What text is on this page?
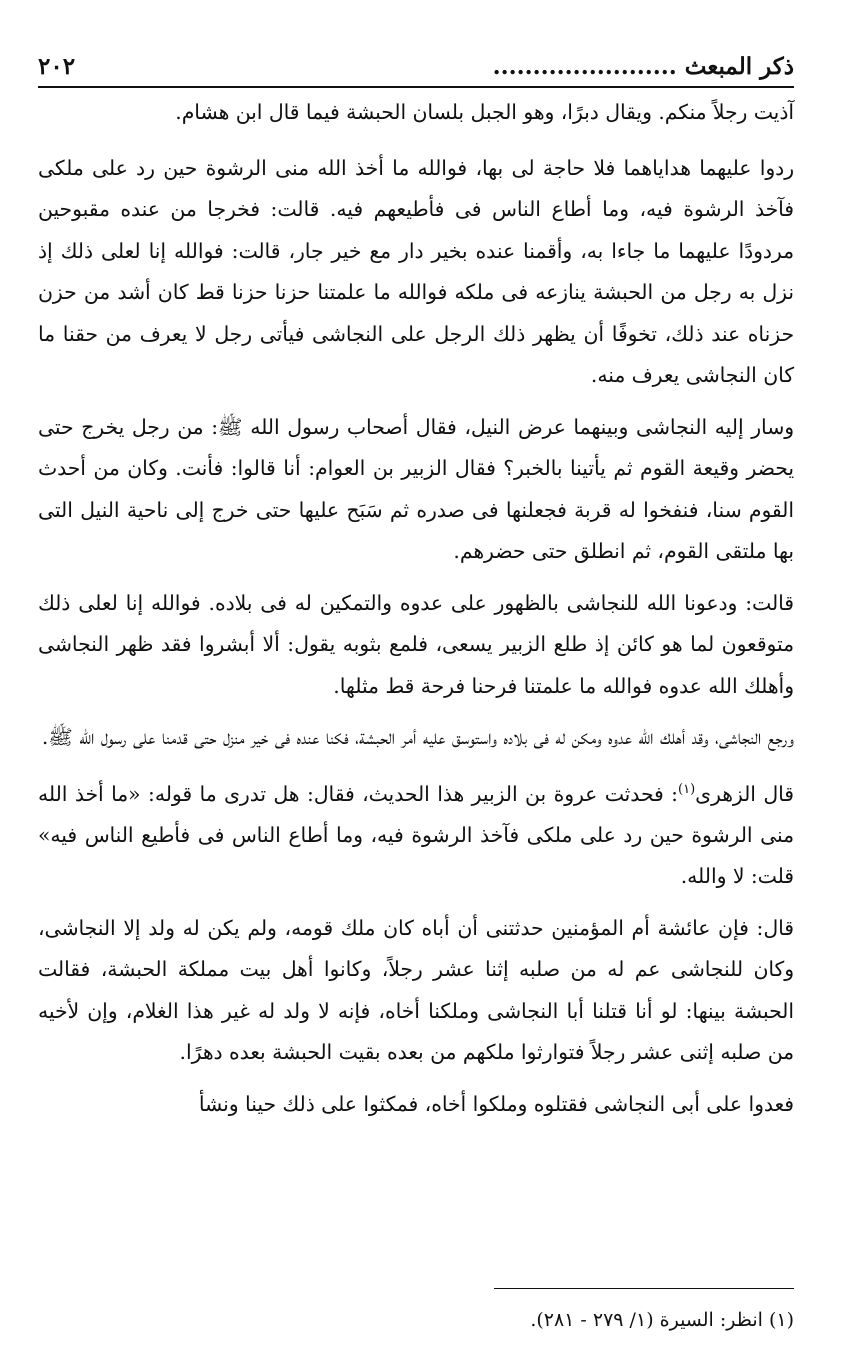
ذكر المبعث .......................
٢٠٢

آذيت رجلاً منكم. ويقال دبرًا، وهو الجبل بلسان الحبشة فيما قال ابن هشام.

ردوا عليهما هداياهما فلا حاجة لى بها، فوالله ما أخذ الله منى الرشوة حين رد على ملكى فآخذ الرشوة فيه، وما أطاع الناس فى فأطيعهم فيه. قالت: فخرجا من عنده مقبوحين مردودًا عليهما ما جاءا به، وأقمنا عنده بخير دار مع خير جار، قالت: فوالله إنا لعلى ذلك إذ نزل به رجل من الحبشة ينازعه فى ملكه فوالله ما علمتنا حزنا حزنا قط كان أشد من حزن حزناه عند ذلك، تخوفًا أن يظهر ذلك الرجل على النجاشى فيأتى رجل لا يعرف من حقنا ما كان النجاشى يعرف منه.

وسار إليه النجاشى وبينهما عرض النيل، فقال أصحاب رسول الله ﷺ: من رجل يخرج حتى يحضر وقيعة القوم ثم يأتينا بالخبر؟ فقال الزبير بن العوام: أنا قالوا: فأنت. وكان من أحدث القوم سنا، فنفخوا له قربة فجعلنها فى صدره ثم سَبَح عليها حتى خرج إلى ناحية النيل التى بها ملتقى القوم، ثم انطلق حتى حضرهم.

قالت: ودعونا الله للنجاشى بالظهور على عدوه والتمكين له فى بلاده. فوالله إنا لعلى ذلك متوقعون لما هو كائن إذ طلع الزبير يسعى، فلمع بثوبه يقول: ألا أبشروا فقد ظهر النجاشى وأهلك الله عدوه فوالله ما علمتنا فرحنا فرحة قط مثلها.

ورجع النجاشى، وقد أهلك الله عدوه ومكن له فى بلاده واستوسق عليه أمر الحبشة، فكنا عنده فى خير منزل حتى قدمنا على رسول الله ﷺ.

قال الزهرى$^{(١)}$: فحدثت عروة بن الزبير هذا الحديث، فقال: هل تدرى ما قوله: «ما أخذ الله منى الرشوة حين رد على ملكى فآخذ الرشوة فيه، وما أطاع الناس فى فأطيع الناس فيه» قلت: لا والله.

قال: فإن عائشة أم المؤمنين حدثتنى أن أباه كان ملك قومه، ولم يكن له ولد إلا النجاشى، وكان للنجاشى عم له من صلبه إثنا عشر رجلاً، وكانوا أهل بيت مملكة الحبشة، فقالت الحبشة بينها: لو أنا قتلنا أبا النجاشى وملكنا أخاه، فإنه لا ولد له غير هذا الغلام، وإن لأخيه من صلبه إثنى عشر رجلاً فتوارثوا ملكهم من بعده بقيت الحبشة بعده دهرًا.

فعدوا على أبى النجاشى فقتلوه وملكوا أخاه، فمكثوا على ذلك حينا ونشأ

(١) انظر: السيرة (١/ ٢٧٩ - ٢٨١).
